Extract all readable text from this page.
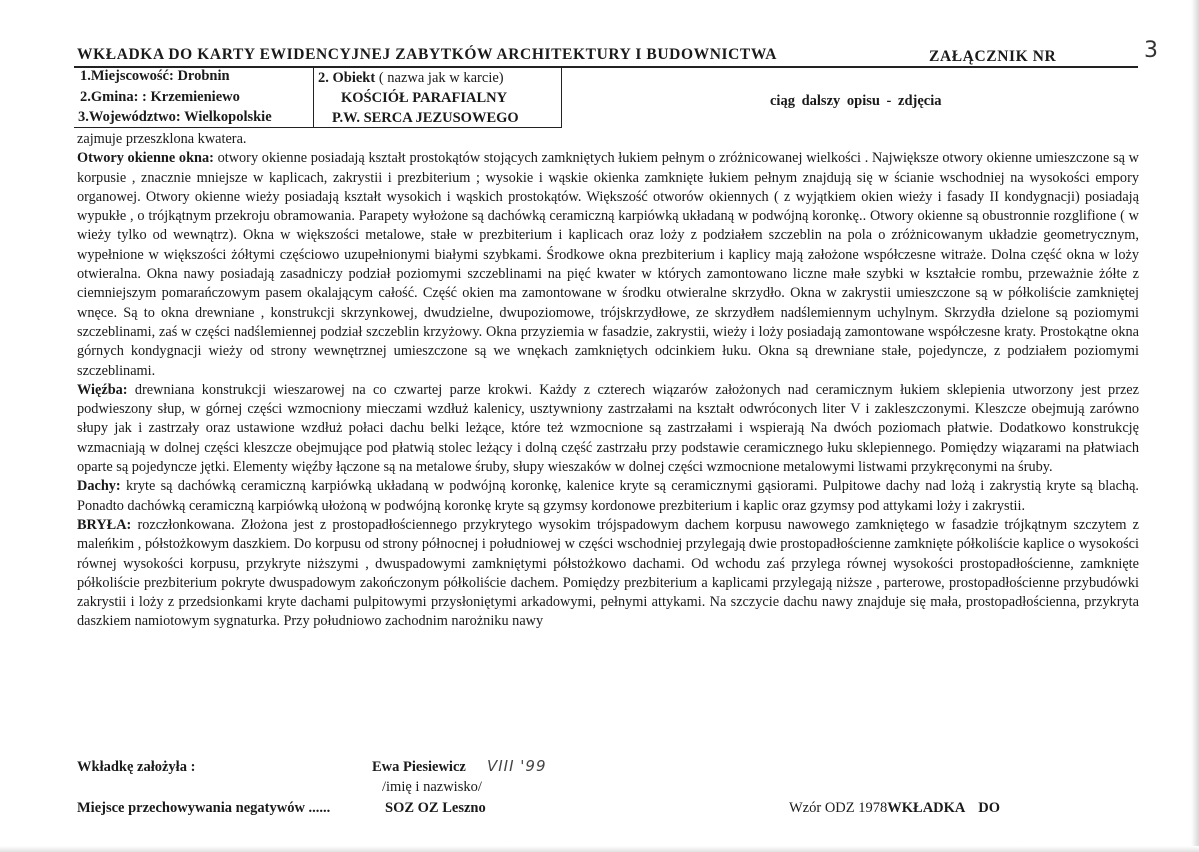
WKŁADKA DO KARTY EWIDENCYJNEJ ZABYTKÓW ARCHITEKTURY I BUDOWNICTWA	ZAŁĄCZNIK NR	3
1.Miejscowość: Drobnin
2.Gmina: : Krzemieniewo
3.Województwo: Wielkopolskie
2. Obiekt ( nazwa jak w karcie)
KOŚCIÓŁ PARAFIALNY
P.W. SERCA JEZUSOWEGO
ciąg dalszy opisu - zdjęcia

zajmuje przeszklona kwatera.

Otwory okienne okna: otwory okienne posiadają kształt prostokątów stojących zamkniętych łukiem pełnym o zróżnicowanej wielkości . Największe otwory okienne umieszczone są w korpusie , znacznie mniejsze w kaplicach, zakrystii i prezbiterium ; wysokie i wąskie okienka zamknięte łukiem pełnym znajdują się w ścianie wschodniej na wysokości empory organowej. Otwory okienne wieży posiadają kształt wysokich i wąskich prostokątów. Większość otworów okiennych ( z wyjątkiem okien wieży i fasady II kondygnacji) posiadają wypukłe , o trójkątnym przekroju obramowania. Parapety wyłożone są dachówką ceramiczną karpiówką układaną w podwójną koronkę.. Otwory okienne są obustronnie rozglifione ( w wieży tylko od wewnątrz). Okna w większości metalowe, stałe w prezbiterium i kaplicach oraz loży z podziałem szczeblin na pola o zróżnicowanym układzie geometrycznym, wypełnione w większości żółtymi częściowo uzupełnionymi białymi szybkami. Środkowe okna prezbiterium i kaplicy mają założone współczesne witraże. Dolna część okna w loży otwieralna. Okna nawy posiadają zasadniczy podział poziomymi szczeblinami na pięć kwater w których zamontowano liczne małe szybki w kształcie rombu, przeważnie żółte z ciemniejszym pomarańczowym pasem okalającym całość. Część okien ma zamontowane w środku otwieralne skrzydło. Okna w zakrystii umieszczone są w półkoliście zamkniętej wnęce. Są to okna drewniane , konstrukcji skrzynkowej, dwudzielne, dwupoziomowe, trójskrzydłowe, ze skrzydłem nadślemiennym uchylnym. Skrzydła dzielone są poziomymi szczeblinami, zaś w części nadślemiennej podział szczeblin krzyżowy. Okna przyziemia w fasadzie, zakrystii, wieży i loży posiadają zamontowane współczesne kraty. Prostokątne okna górnych kondygnacji wieży od strony wewnętrznej umieszczone są we wnękach zamkniętych odcinkiem łuku. Okna są drewniane stałe, pojedyncze, z podziałem poziomymi szczeblinami.

Więźba: drewniana konstrukcji wieszarowej na co czwartej parze krokwi. Każdy z czterech wiązarów założonych nad ceramicznym łukiem sklepienia utworzony jest przez podwieszony słup, w górnej części wzmocniony mieczami wzdłuż kalenicy, usztywniony zastrzałami na kształt odwróconych liter V i zakleszczonymi. Kleszcze obejmują zarówno słupy jak i zastrzały oraz ustawione wzdłuż połaci dachu belki leżące, które też wzmocnione są zastrzałami i wspierają Na dwóch poziomach płatwie. Dodatkowo konstrukcję wzmacniają w dolnej części kleszcze obejmujące pod płatwią stolec leżący i dolną część zastrzału przy podstawie ceramicznego łuku sklepiennego. Pomiędzy wiązarami na płatwiach oparte są pojedyncze jętki. Elementy więźby łączone są na metalowe śruby, słupy wieszaków w dolnej części wzmocnione metalowymi listwami przykręconymi na śruby.

Dachy: kryte są dachówką ceramiczną karpiówką układaną w podwójną koronkę, kalenice kryte są ceramicznymi gąsiorami. Pulpitowe dachy nad lożą i zakrystią kryte są blachą. Ponadto dachówką ceramiczną karpiówką ułożoną w podwójną koronkę kryte są gzymsy kordonowe prezbiterium i kaplic oraz gzymsy pod attykami loży i zakrystii.

BRYŁA: rozczłonkowana. Złożona jest z prostopadłościennego przykrytego wysokim trójspadowym dachem korpusu nawowego zamkniętego w fasadzie trójkątnym szczytem z maleńkim , półstożkowym daszkiem. Do korpusu od strony północnej i południowej w części wschodniej przylegają dwie prostopadłościenne zamknięte półkoliście kaplice o wysokości równej wysokości korpusu, przykryte niższymi , dwuspadowymi zamkniętymi półstożkowo dachami. Od wchodu zaś przylega równej wysokości prostopadłościenne, zamknięte półkoliście prezbiterium pokryte dwuspadowym zakończonym półkoliście dachem. Pomiędzy prezbiterium a kaplicami przylegają niższe , parterowe, prostopadłościenne przybudówki zakrystii i loży z przedsionkami kryte dachami pulpitowymi przysłoniętymi arkadowymi, pełnymi attykami. Na szczycie dachu nawy znajduje się mała, prostopadłościenna, przykryta daszkiem namiotowym sygnaturka. Przy południowo zachodnim narożniku nawy

Wkładkę założyła :	Ewa Piesiewicz VIII '99
/imię i nazwisko/
Miejsce przechowywania negatywów ......	SOZ OZ Leszno	Wzór ODZ 1978WKŁADKA DO
